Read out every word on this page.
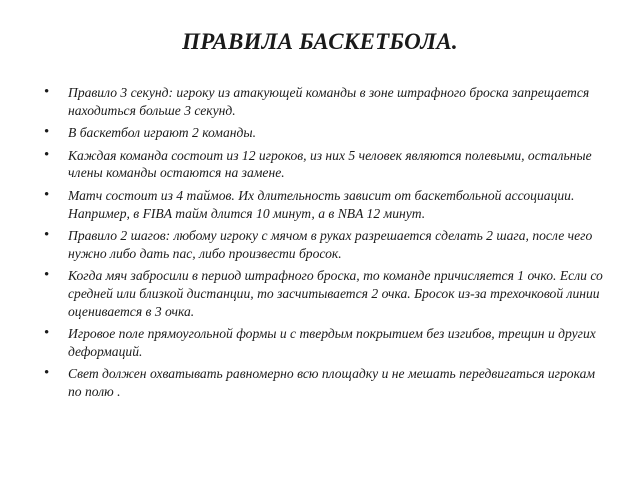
ПРАВИЛА БАСКЕТБОЛА.
• Правило 3 секунд: игроку из атакующей команды в зоне штрафного броска запрещается находиться больше 3 секунд.
• В баскетбол играют 2 команды.
• Каждая команда состоит из 12 игроков, из них 5 человек являются полевыми, остальные члены команды остаются на замене.
• Матч состоит из 4 таймов. Их длительность зависит от баскетбольной ассоциации. Например, в FIBA тайм длится 10 минут, а в NBA 12 минут.
• Правило 2 шагов: любому игроку с мячом в руках разрешается сделать 2 шага, после чего нужно либо дать пас, либо произвести бросок.
• Когда мяч забросили в период штрафного броска, то команде причисляется 1 очко. Если со средней или близкой дистанции, то засчитывается 2 очка. Бросок из-за трехочковой линии оценивается в 3 очка.
• Игровое поле прямоугольной формы и с твердым покрытием без изгибов, трещин и других деформаций.
• Свет должен охватывать равномерно всю площадку и не мешать передвигаться игрокам по полю .
